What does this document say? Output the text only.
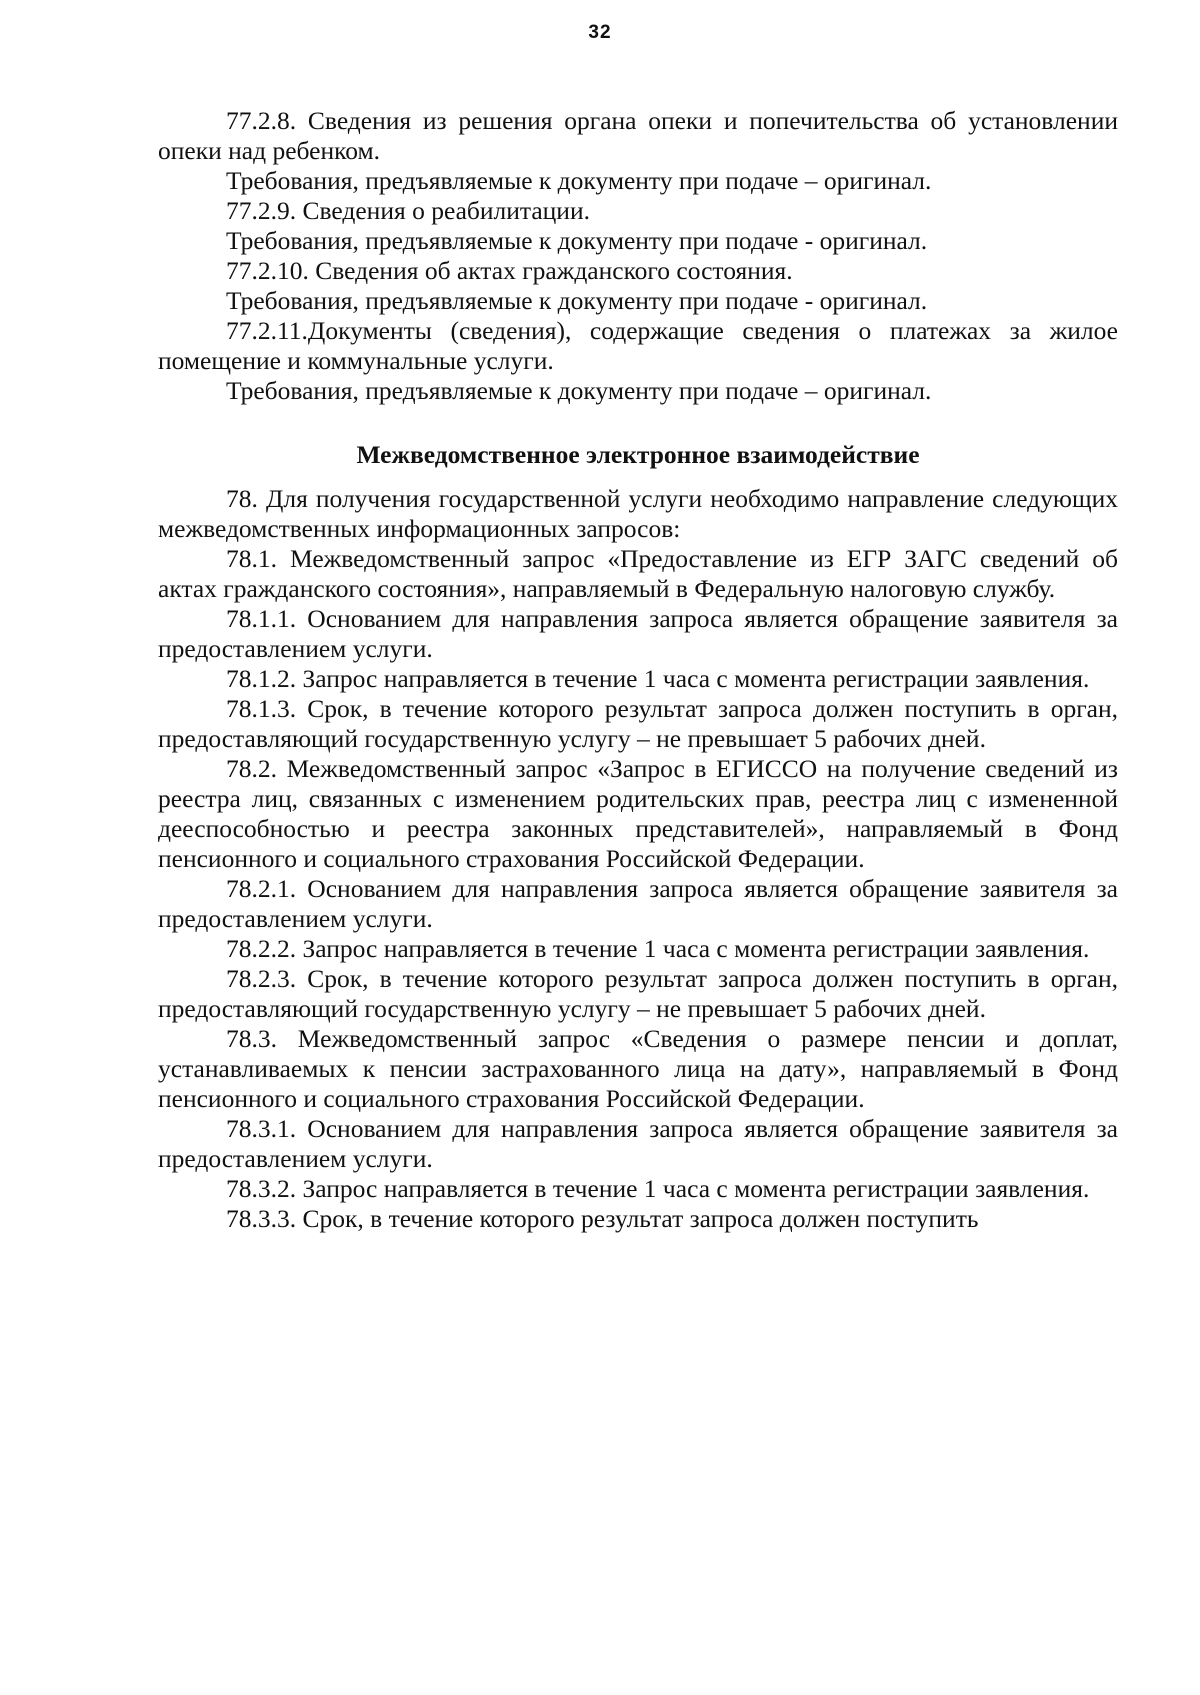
32

77.2.8. Сведения из решения органа опеки и попечительства об установлении опеки над ребенком.

Требования, предъявляемые к документу при подаче – оригинал.

77.2.9. Сведения о реабилитации.

Требования, предъявляемые к документу при подаче - оригинал.

77.2.10. Сведения об актах гражданского состояния.

Требования, предъявляемые к документу при подаче - оригинал.

77.2.11.Документы (сведения), содержащие сведения о платежах за жилое помещение и коммунальные услуги.

Требования, предъявляемые к документу при подаче – оригинал.

Межведомственное электронное взаимодействие

78. Для получения государственной услуги необходимо направление следующих межведомственных информационных запросов:

78.1. Межведомственный запрос «Предоставление из ЕГР ЗАГС сведений об актах гражданского состояния», направляемый в Федеральную налоговую службу.

78.1.1. Основанием для направления запроса является обращение заявителя за предоставлением услуги.

78.1.2. Запрос направляется в течение 1 часа с момента регистрации заявления.

78.1.3. Срок, в течение которого результат запроса должен поступить в орган, предоставляющий государственную услугу – не превышает 5 рабочих дней.

78.2. Межведомственный запрос «Запрос в ЕГИССО на получение сведений из реестра лиц, связанных с изменением родительских прав, реестра лиц с измененной дееспособностью и реестра законных представителей», направляемый в Фонд пенсионного и социального страхования Российской Федерации.

78.2.1. Основанием для направления запроса является обращение заявителя за предоставлением услуги.

78.2.2. Запрос направляется в течение 1 часа с момента регистрации заявления.

78.2.3. Срок, в течение которого результат запроса должен поступить в орган, предоставляющий государственную услугу – не превышает 5 рабочих дней.

78.3. Межведомственный запрос «Сведения о размере пенсии и доплат, устанавливаемых к пенсии застрахованного лица на дату», направляемый в Фонд пенсионного и социального страхования Российской Федерации.

78.3.1. Основанием для направления запроса является обращение заявителя за предоставлением услуги.

78.3.2. Запрос направляется в течение 1 часа с момента регистрации заявления.

78.3.3. Срок, в течение которого результат запроса должен поступить
